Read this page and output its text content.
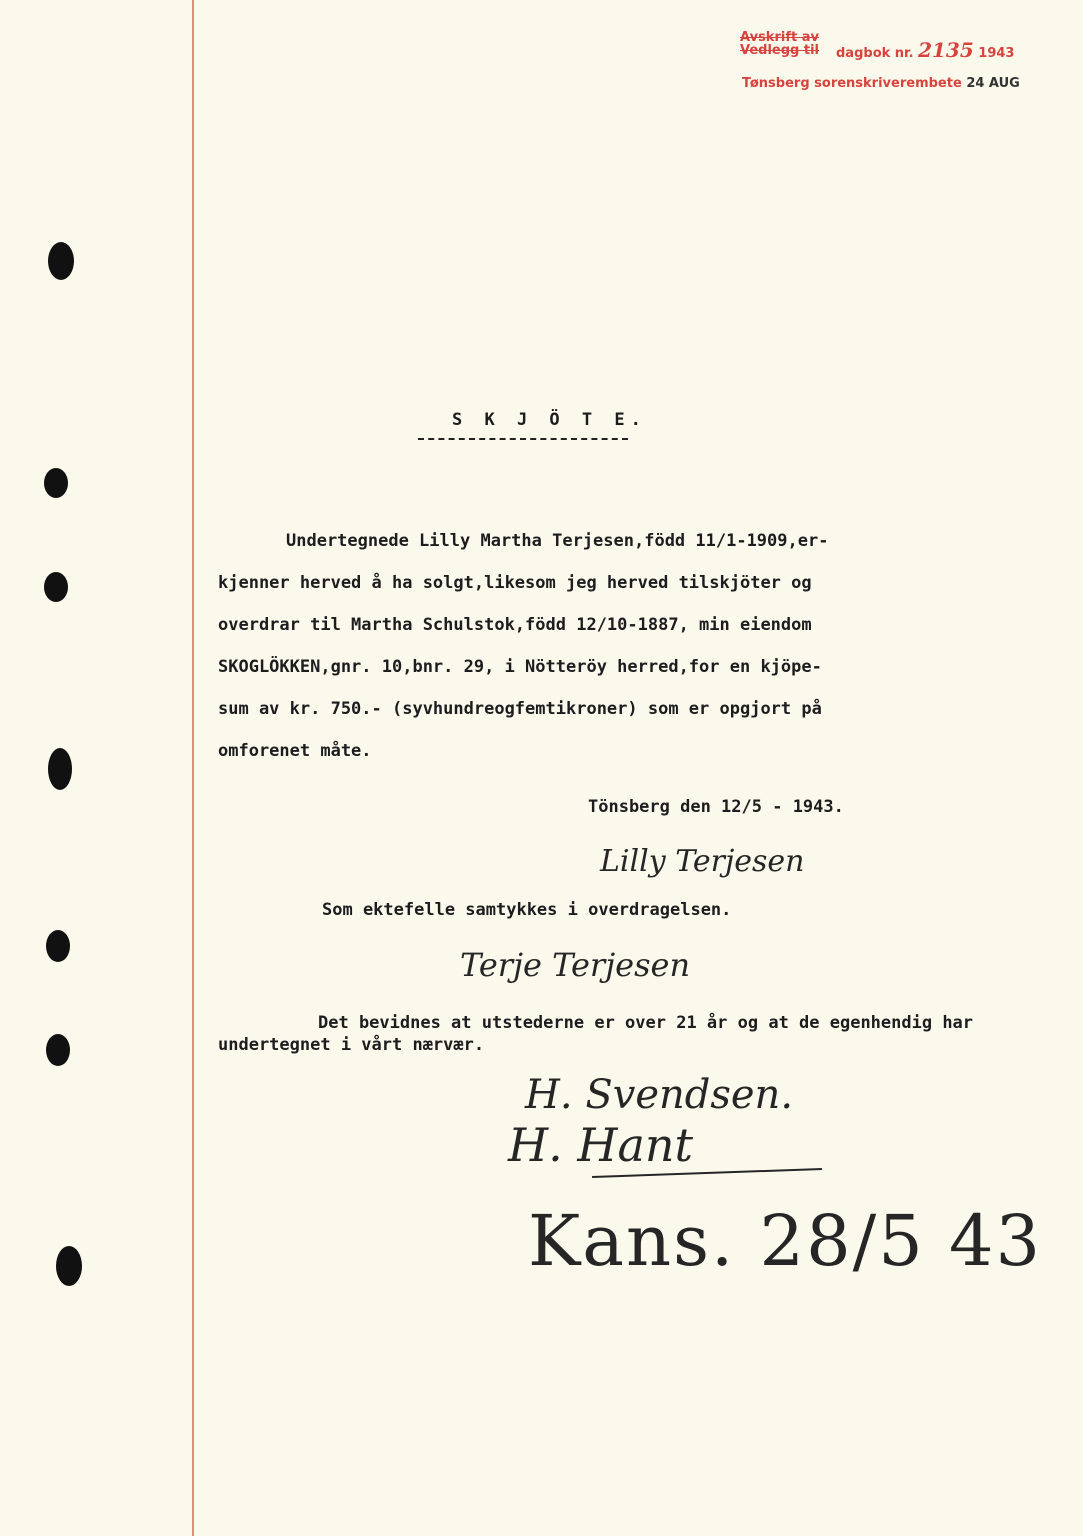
Avskrift av
Vedlegg til dagbok nr. 2135 1943
Tønsberg sorenskriverembete 24 AUG
S K J Ö T E.

Undertegnede Lilly Martha Terjesen,född 11/1-1909,er-

kjenner herved å ha solgt,likesom jeg herved tilskjöter og

overdrar til Martha Schulstok,född 12/10-1887, min eiendom

SKOGLÖKKEN,gnr. 10,bnr. 29, i Nötteröy herred,for en kjöpe-

sum av kr. 750.- (syvhundreogfemtikroner) som er opgjort på

omforenet måte.

Tönsberg den 12/5 - 1943.
Lilly Terjesen
Som ektefelle samtykkes i overdragelsen.
Terje Terjesen
Det bevidnes at utstederne er over 21 år og at de egenhendig har undertegnet i vårt nærvær.
H. Svendsen.
H. Hant
Kans. 28/5 43
